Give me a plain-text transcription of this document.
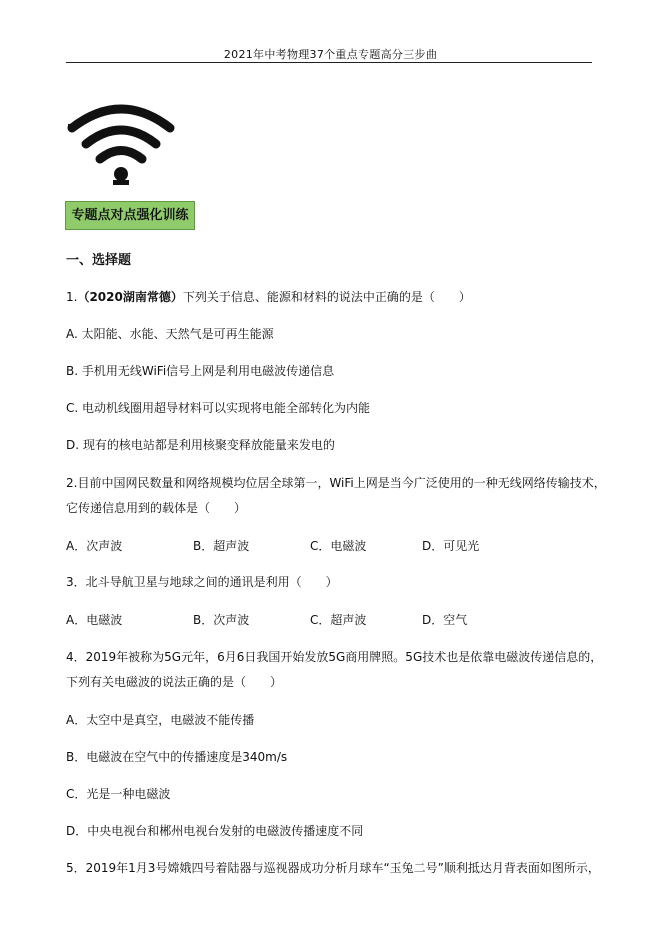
2021年中考物理37个重点专题高分三步曲
专题点对点强化训练
一、选择题
1.（2020湖南常德）下列关于信息、能源和材料的说法中正确的是（　　）
A. 太阳能、水能、天然气是可再生能源
B. 手机用无线WiFi信号上网是利用电磁波传递信息
C. 电动机线圈用超导材料可以实现将电能全部转化为内能
D. 现有的核电站都是利用核聚变释放能量来发电的
2.目前中国网民数量和网络规模均位居全球第一，WiFi上网是当今广泛使用的一种无线网络传输技术，
它传递信息用到的载体是（　　）
A．次声波	B．超声波	C．电磁波	D．可见光
3．北斗导航卫星与地球之间的通讯是利用（　　）
A．电磁波	B．次声波	C．超声波	D．空气
4．2019年被称为5G元年，6月6日我国开始发放5G商用牌照。5G技术也是依靠电磁波传递信息的，
下列有关电磁波的说法正确的是（　　）
A．太空中是真空，电磁波不能传播
B．电磁波在空气中的传播速度是340m/s
C．光是一种电磁波
D．中央电视台和郴州电视台发射的电磁波传播速度不同
5．2019年1月3号嫦娥四号着陆器与巡视器成功分析月球车“玉兔二号”顺利抵达月背表面如图所示，
